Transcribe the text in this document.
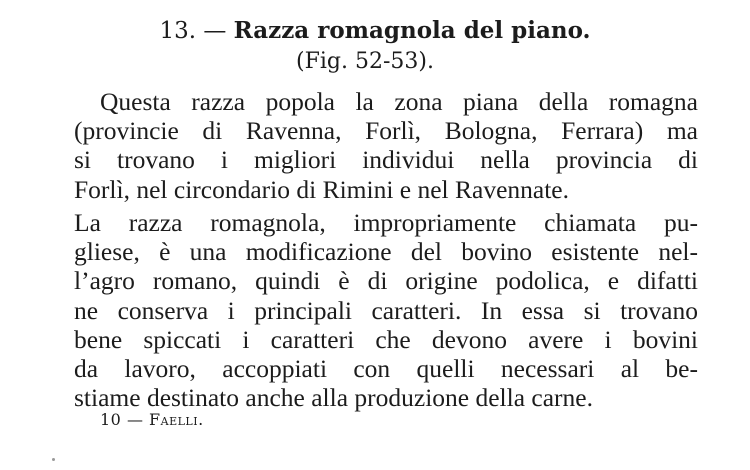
13. — Razza romagnola del piano.
(Fig. 52-53).
Questa razza popola la zona piana della romagna
(provincie di Ravenna, Forlì, Bologna, Ferrara) ma
si trovano i migliori individui nella provincia di
Forlì, nel circondario di Rimini e nel Ravennate.
La razza romagnola, impropriamente chiamata pu-
gliese, è una modificazione del bovino esistente nel-
l’agro romano, quindi è di origine podolica, e difatti
ne conserva i principali caratteri. In essa si trovano
bene spiccati i caratteri che devono avere i bovini
da lavoro, accoppiati con quelli necessari al be-
stiame destinato anche alla produzione della carne.
10 — Faelli.
